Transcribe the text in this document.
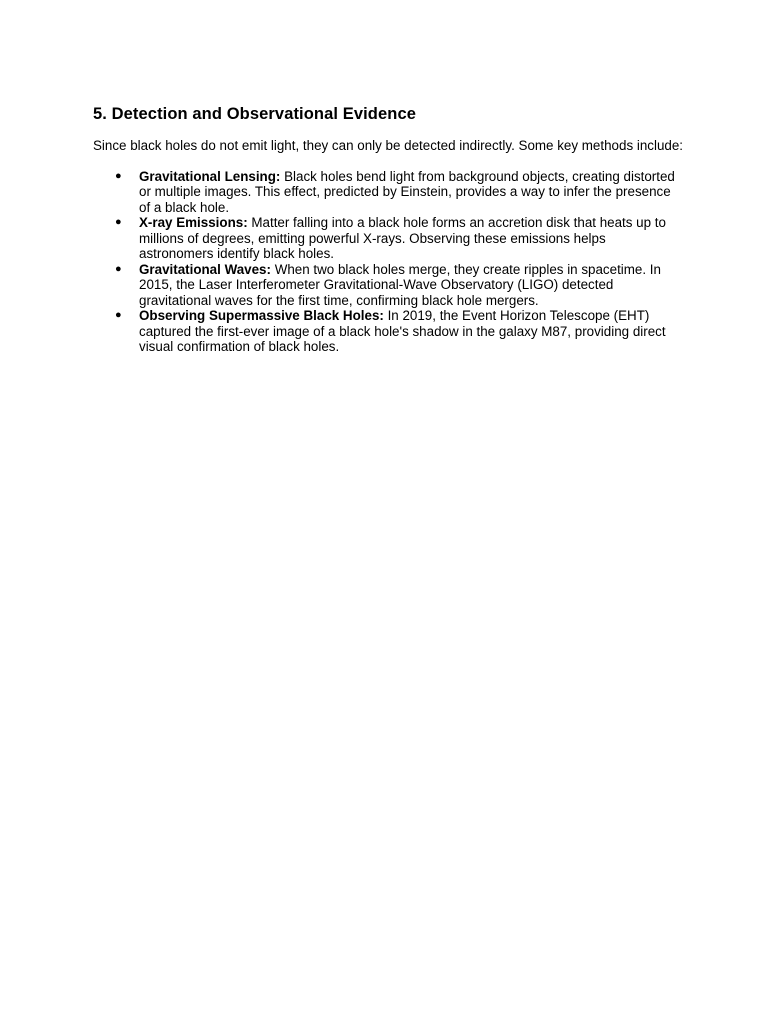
5. Detection and Observational Evidence

Since black holes do not emit light, they can only be detected indirectly. Some key methods include:

● Gravitational Lensing: Black holes bend light from background objects, creating distorted or multiple images. This effect, predicted by Einstein, provides a way to infer the presence of a black hole.
● X-ray Emissions: Matter falling into a black hole forms an accretion disk that heats up to millions of degrees, emitting powerful X-rays. Observing these emissions helps astronomers identify black holes.
● Gravitational Waves: When two black holes merge, they create ripples in spacetime. In 2015, the Laser Interferometer Gravitational-Wave Observatory (LIGO) detected gravitational waves for the first time, confirming black hole mergers.
● Observing Supermassive Black Holes: In 2019, the Event Horizon Telescope (EHT) captured the first-ever image of a black hole's shadow in the galaxy M87, providing direct visual confirmation of black holes.
